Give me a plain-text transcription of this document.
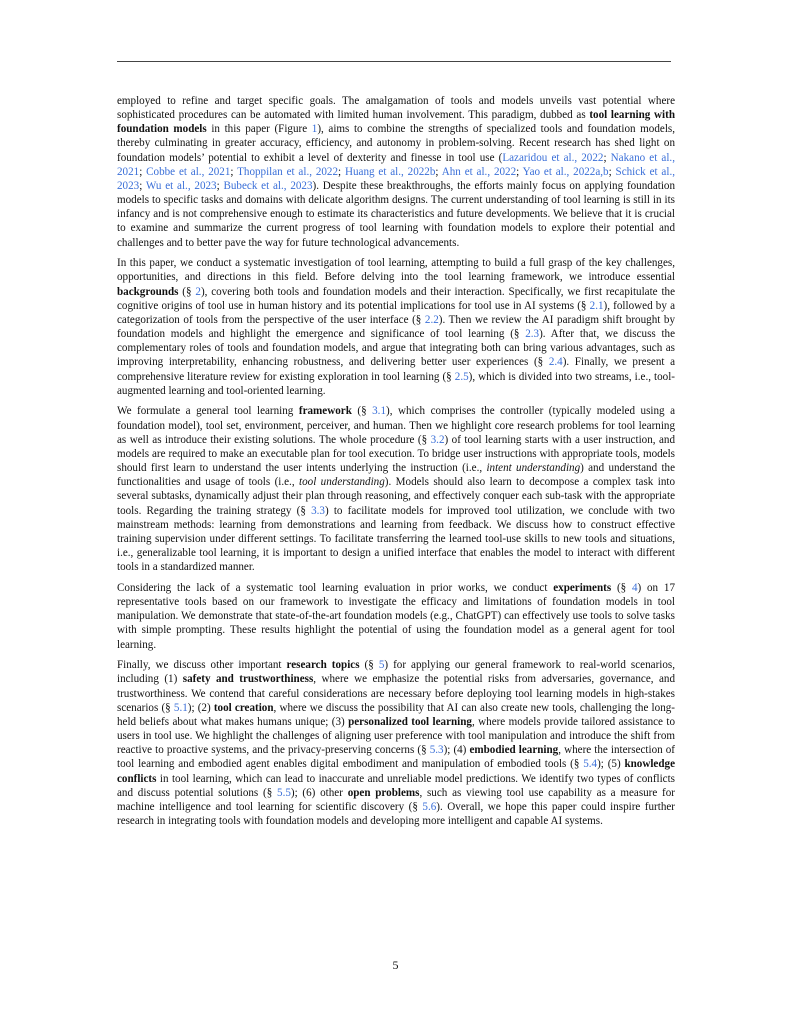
employed to refine and target specific goals. The amalgamation of tools and models unveils vast potential where sophisticated procedures can be automated with limited human involvement. This paradigm, dubbed as tool learning with foundation models in this paper (Figure 1), aims to combine the strengths of specialized tools and foundation models, thereby culminating in greater accuracy, efficiency, and autonomy in problem-solving. Recent research has shed light on foundation models’ potential to exhibit a level of dexterity and finesse in tool use (Lazaridou et al., 2022; Nakano et al., 2021; Cobbe et al., 2021; Thoppilan et al., 2022; Huang et al., 2022b; Ahn et al., 2022; Yao et al., 2022a,b; Schick et al., 2023; Wu et al., 2023; Bubeck et al., 2023). Despite these breakthroughs, the efforts mainly focus on applying foundation models to specific tasks and domains with delicate algorithm designs. The current understanding of tool learning is still in its infancy and is not comprehensive enough to estimate its characteristics and future developments. We believe that it is crucial to examine and summarize the current progress of tool learning with foundation models to explore their potential and challenges and to better pave the way for future technological advancements.

In this paper, we conduct a systematic investigation of tool learning, attempting to build a full grasp of the key challenges, opportunities, and directions in this field. Before delving into the tool learning framework, we introduce essential backgrounds (§ 2), covering both tools and foundation models and their interaction. Specifically, we first recapitulate the cognitive origins of tool use in human history and its potential implications for tool use in AI systems (§ 2.1), followed by a categorization of tools from the perspective of the user interface (§ 2.2). Then we review the AI paradigm shift brought by foundation models and highlight the emergence and significance of tool learning (§ 2.3). After that, we discuss the complementary roles of tools and foundation models, and argue that integrating both can bring various advantages, such as improving interpretability, enhancing robustness, and delivering better user experiences (§ 2.4). Finally, we present a comprehensive literature review for existing exploration in tool learning (§ 2.5), which is divided into two streams, i.e., tool-augmented learning and tool-oriented learning.

We formulate a general tool learning framework (§ 3.1), which comprises the controller (typically modeled using a foundation model), tool set, environment, perceiver, and human. Then we highlight core research problems for tool learning as well as introduce their existing solutions. The whole procedure (§ 3.2) of tool learning starts with a user instruction, and models are required to make an executable plan for tool execution. To bridge user instructions with appropriate tools, models should first learn to understand the user intents underlying the instruction (i.e., intent understanding) and understand the functionalities and usage of tools (i.e., tool understanding). Models should also learn to decompose a complex task into several subtasks, dynamically adjust their plan through reasoning, and effectively conquer each sub-task with the appropriate tools. Regarding the training strategy (§ 3.3) to facilitate models for improved tool utilization, we conclude with two mainstream methods: learning from demonstrations and learning from feedback. We discuss how to construct effective training supervision under different settings. To facilitate transferring the learned tool-use skills to new tools and situations, i.e., generalizable tool learning, it is important to design a unified interface that enables the model to interact with different tools in a standardized manner.

Considering the lack of a systematic tool learning evaluation in prior works, we conduct experiments (§ 4) on 17 representative tools based on our framework to investigate the efficacy and limitations of foundation models in tool manipulation. We demonstrate that state-of-the-art foundation models (e.g., ChatGPT) can effectively use tools to solve tasks with simple prompting. These results highlight the potential of using the foundation model as a general agent for tool learning.

Finally, we discuss other important research topics (§ 5) for applying our general framework to real-world scenarios, including (1) safety and trustworthiness, where we emphasize the potential risks from adversaries, governance, and trustworthiness. We contend that careful considerations are necessary before deploying tool learning models in high-stakes scenarios (§ 5.1); (2) tool creation, where we discuss the possibility that AI can also create new tools, challenging the long-held beliefs about what makes humans unique; (3) personalized tool learning, where models provide tailored assistance to users in tool use. We highlight the challenges of aligning user preference with tool manipulation and introduce the shift from reactive to proactive systems, and the privacy-preserving concerns (§ 5.3); (4) embodied learning, where the intersection of tool learning and embodied agent enables digital embodiment and manipulation of embodied tools (§ 5.4); (5) knowledge conflicts in tool learning, which can lead to inaccurate and unreliable model predictions. We identify two types of conflicts and discuss potential solutions (§ 5.5); (6) other open problems, such as viewing tool use capability as a measure for machine intelligence and tool learning for scientific discovery (§ 5.6). Overall, we hope this paper could inspire further research in integrating tools with foundation models and developing more intelligent and capable AI systems.

5
